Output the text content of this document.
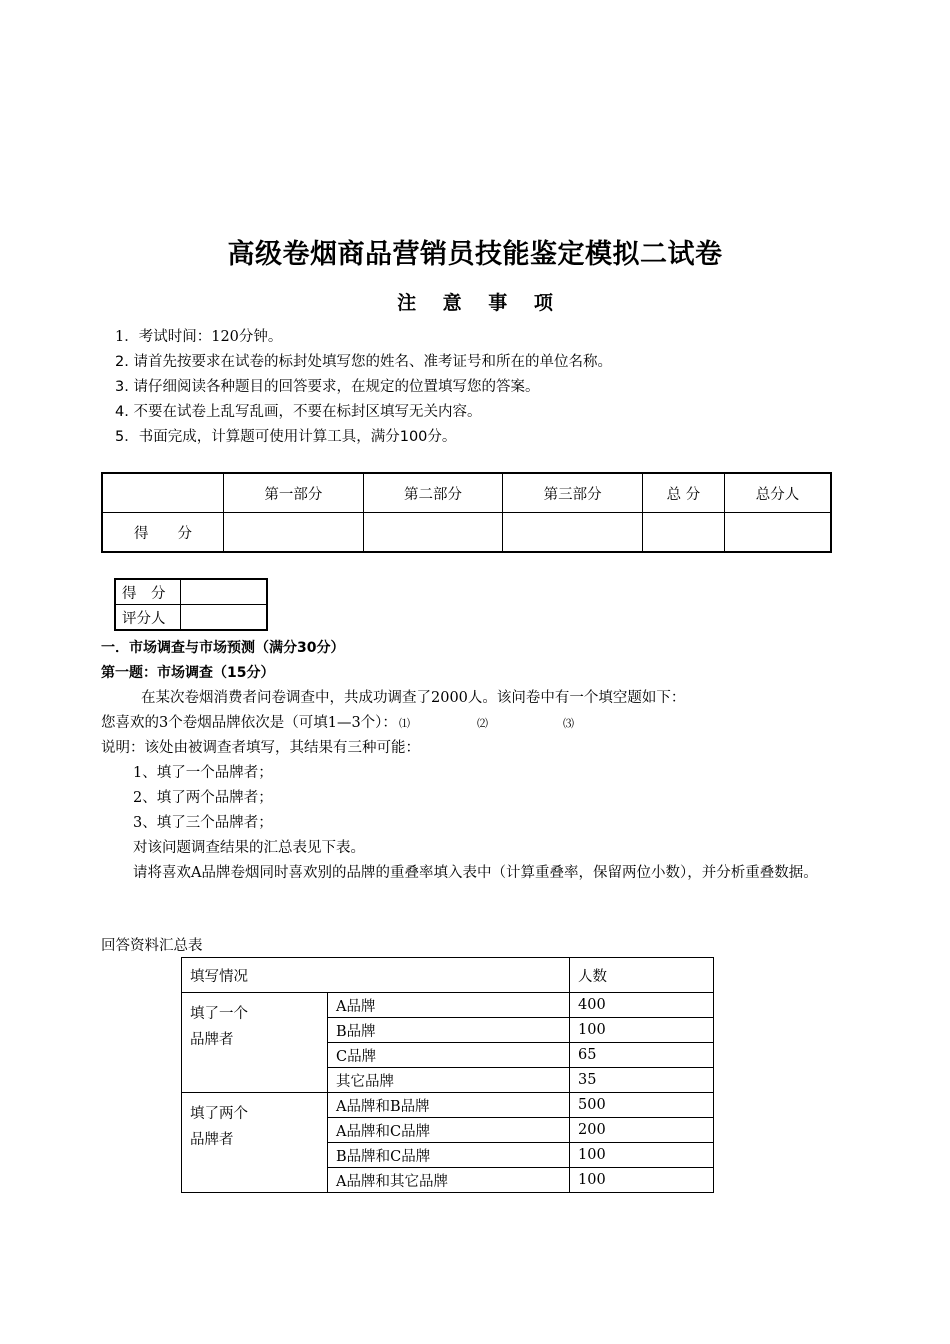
高级卷烟商品营销员技能鉴定模拟二试卷
注 意 事 项
1．考试时间：120分钟。
2. 请首先按要求在试卷的标封处填写您的姓名、准考证号和所在的单位名称。
3. 请仔细阅读各种题目的回答要求，在规定的位置填写您的答案。
4. 不要在试卷上乱写乱画，不要在标封区填写无关内容。
5．书面完成，计算题可使用计算工具，满分100分。
	第一部分	第二部分	第三部分	总 分	总分人
得　　分					
得　分	
评分人	
一．市场调查与市场预测（满分30分）
第一题：市场调查（15分）
在某次卷烟消费者问卷调查中，共成功调查了2000人。该问卷中有一个填空题如下：
您喜欢的3个卷烟品牌依次是（可填1—3个）： ⑴	⑵	⑶
说明：该处由被调查者填写，其结果有三种可能：
1、填了一个品牌者；
2、填了两个品牌者；
3、填了三个品牌者；
对该问题调查结果的汇总表见下表。
请将喜欢A品牌卷烟同时喜欢别的品牌的重叠率填入表中（计算重叠率，保留两位小数），并分析重叠数据。
回答资料汇总表
填写情况		人数

填了一个
品牌者	A品牌	400
	B品牌	100
	C品牌	65
	其它品牌	35

填了两个
品牌者	A品牌和B品牌	500
	A品牌和C品牌	200
	B品牌和C品牌	100
	A品牌和其它品牌	100
